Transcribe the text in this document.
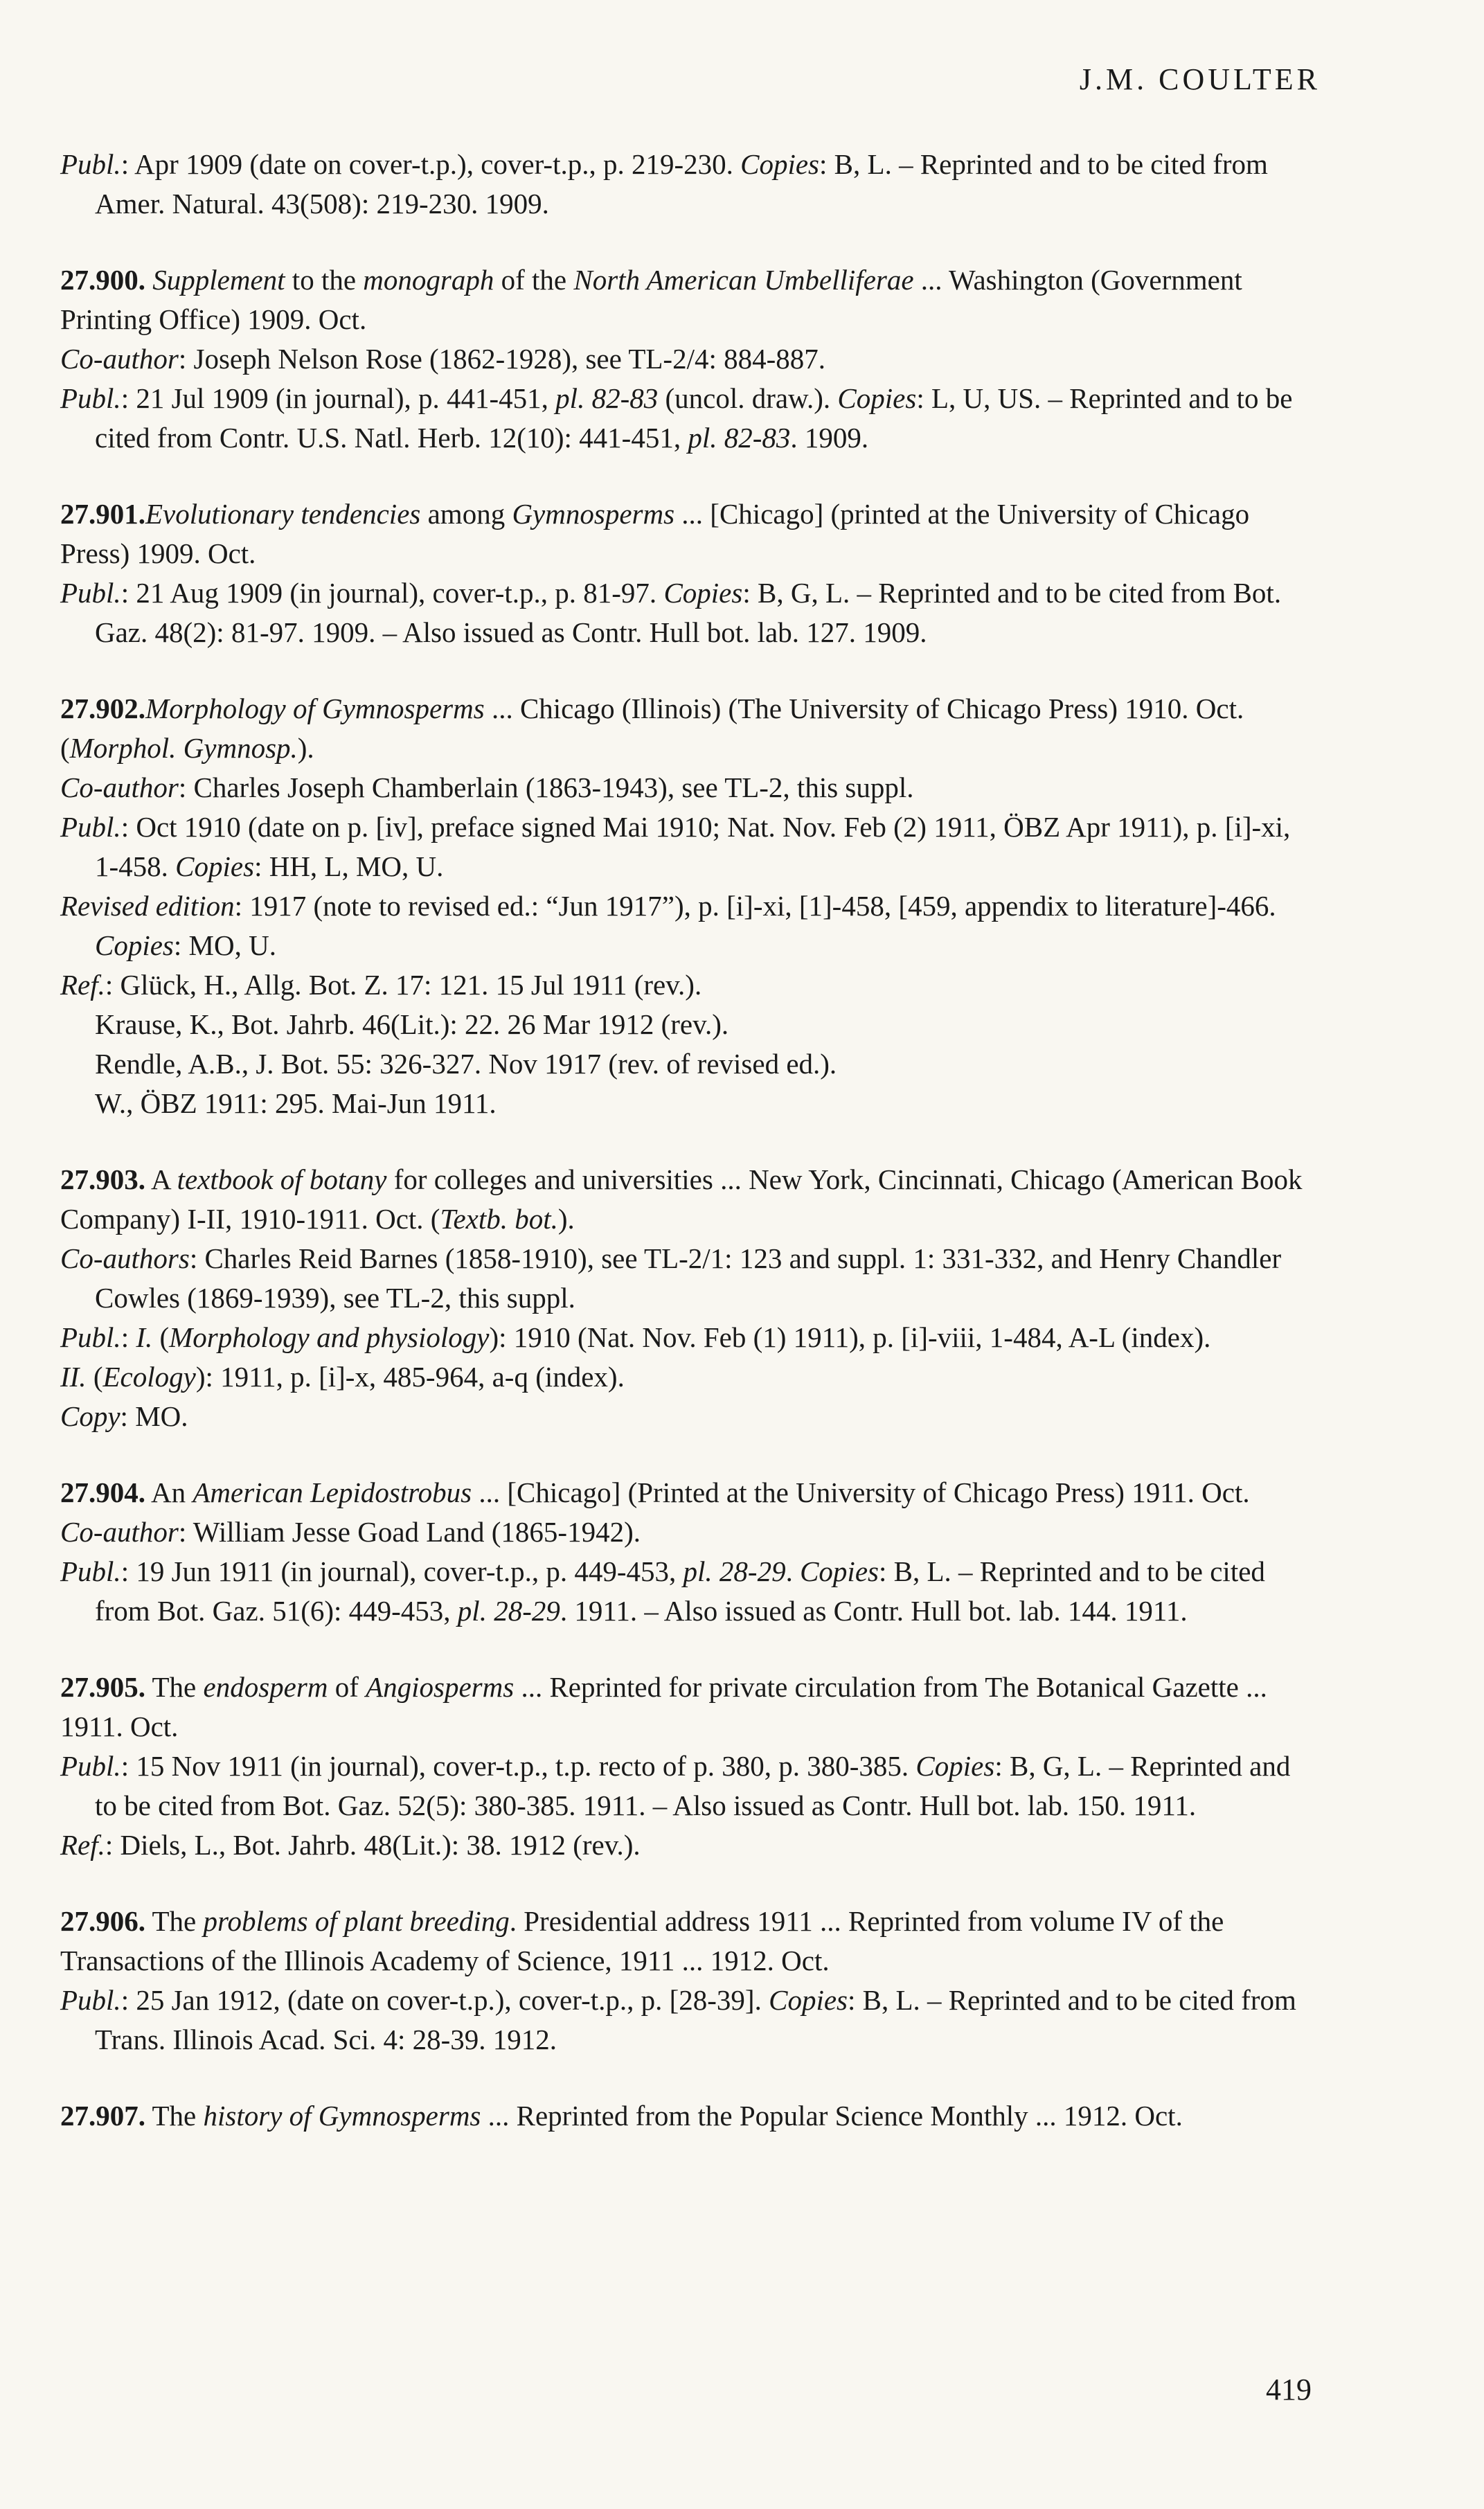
J.M. COULTER
Publ.: Apr 1909 (date on cover-t.p.), cover-t.p., p. 219-230. Copies: B, L. – Reprinted and to be cited from Amer. Natural. 43(508): 219-230. 1909.
27.900. Supplement to the monograph of the North American Umbelliferae ... Washington (Government Printing Office) 1909. Oct.
Co-author: Joseph Nelson Rose (1862-1928), see TL-2/4: 884-887.
Publ.: 21 Jul 1909 (in journal), p. 441-451, pl. 82-83 (uncol. draw.). Copies: L, U, US. – Reprinted and to be cited from Contr. U.S. Natl. Herb. 12(10): 441-451, pl. 82-83. 1909.
27.901.Evolutionary tendencies among Gymnosperms ... [Chicago] (printed at the University of Chicago Press) 1909. Oct.
Publ.: 21 Aug 1909 (in journal), cover-t.p., p. 81-97. Copies: B, G, L. – Reprinted and to be cited from Bot. Gaz. 48(2): 81-97. 1909. – Also issued as Contr. Hull bot. lab. 127. 1909.
27.902.Morphology of Gymnosperms ... Chicago (Illinois) (The University of Chicago Press) 1910. Oct. (Morphol. Gymnosp.).
Co-author: Charles Joseph Chamberlain (1863-1943), see TL-2, this suppl.
Publ.: Oct 1910 (date on p. [iv], preface signed Mai 1910; Nat. Nov. Feb (2) 1911, ÖBZ Apr 1911), p. [i]-xi, 1-458. Copies: HH, L, MO, U.
Revised edition: 1917 (note to revised ed.: “Jun 1917”), p. [i]-xi, [1]-458, [459, appendix to literature]-466. Copies: MO, U.
Ref.: Glück, H., Allg. Bot. Z. 17: 121. 15 Jul 1911 (rev.).
Krause, K., Bot. Jahrb. 46(Lit.): 22. 26 Mar 1912 (rev.).
Rendle, A.B., J. Bot. 55: 326-327. Nov 1917 (rev. of revised ed.).
W., ÖBZ 1911: 295. Mai-Jun 1911.
27.903. A textbook of botany for colleges and universities ... New York, Cincinnati, Chicago (American Book Company) I-II, 1910-1911. Oct. (Textb. bot.).
Co-authors: Charles Reid Barnes (1858-1910), see TL-2/1: 123 and suppl. 1: 331-332, and Henry Chandler Cowles (1869-1939), see TL-2, this suppl.
Publ.: I. (Morphology and physiology): 1910 (Nat. Nov. Feb (1) 1911), p. [i]-viii, 1-484, A-L (index).
II. (Ecology): 1911, p. [i]-x, 485-964, a-q (index).
Copy: MO.
27.904. An American Lepidostrobus ... [Chicago] (Printed at the University of Chicago Press) 1911. Oct.
Co-author: William Jesse Goad Land (1865-1942).
Publ.: 19 Jun 1911 (in journal), cover-t.p., p. 449-453, pl. 28-29. Copies: B, L. – Reprinted and to be cited from Bot. Gaz. 51(6): 449-453, pl. 28-29. 1911. – Also issued as Contr. Hull bot. lab. 144. 1911.
27.905. The endosperm of Angiosperms ... Reprinted for private circulation from The Botanical Gazette ... 1911. Oct.
Publ.: 15 Nov 1911 (in journal), cover-t.p., t.p. recto of p. 380, p. 380-385. Copies: B, G, L. – Reprinted and to be cited from Bot. Gaz. 52(5): 380-385. 1911. – Also issued as Contr. Hull bot. lab. 150. 1911.
Ref.: Diels, L., Bot. Jahrb. 48(Lit.): 38. 1912 (rev.).
27.906. The problems of plant breeding. Presidential address 1911 ... Reprinted from volume IV of the Transactions of the Illinois Academy of Science, 1911 ... 1912. Oct.
Publ.: 25 Jan 1912, (date on cover-t.p.), cover-t.p., p. [28-39]. Copies: B, L. – Reprinted and to be cited from Trans. Illinois Acad. Sci. 4: 28-39. 1912.
27.907. The history of Gymnosperms ... Reprinted from the Popular Science Monthly ... 1912. Oct.
419
